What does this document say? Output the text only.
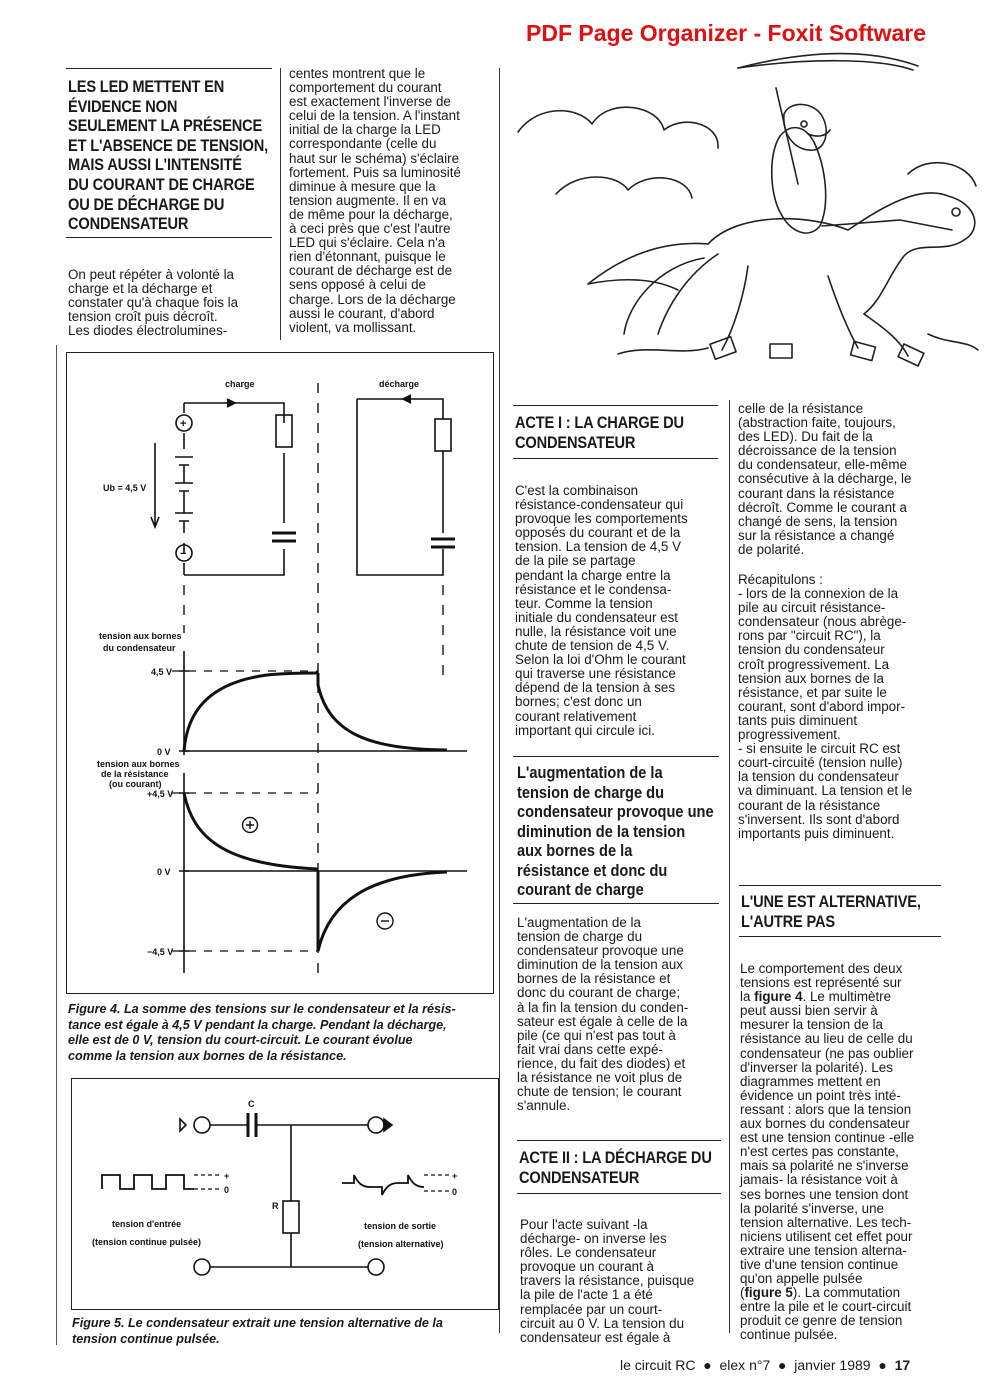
PDF Page Organizer - Foxit Software
LES LED METTENT EN
ÉVIDENCE NON
SEULEMENT LA PRÉSENCE
ET L'ABSENCE DE TENSION,
MAIS AUSSI L'INTENSITÉ
DU COURANT DE CHARGE
OU DE DÉCHARGE DU
CONDENSATEUR
On peut répéter à volonté la
charge et la décharge et
constater qu'à chaque fois la
tension croît puis décroît.
Les diodes électrolumines-
centes montrent que le
comportement du courant
est exactement l'inverse de
celui de la tension. A l'instant
initial de la charge la LED
correspondante (celle du
haut sur le schéma) s'éclaire
fortement. Puis sa luminosité
diminue à mesure que la
tension augmente. Il en va
de même pour la décharge,
à ceci près que c'est l'autre
LED qui s'éclaire. Cela n'a
rien d'étonnant, puisque le
courant de décharge est de
sens opposé à celui de
charge. Lors de la décharge
aussi le courant, d'abord
violent, va mollissant.
charge	décharge
Ub = 4,5 V
+
−
tension aux bornes
du condensateur
4,5 V
0 V
tension aux bornes
de la résistance
(ou courant)
+4,5 V
0 V
−4,5 V
Figure 4. La somme des tensions sur le condensateur et la résis-
tance est égale à 4,5 V pendant la charge. Pendant la décharge,
elle est de 0 V, tension du court-circuit. Le courant évolue
comme la tension aux bornes de la résistance.
C
R
+
0
+
0
tension d'entrée
(tension continue pulsée)
tension de sortie
(tension alternative)
Figure 5. Le condensateur extrait une tension alternative de la
tension continue pulsée.
ACTE I : LA CHARGE DU
CONDENSATEUR
C'est la combinaison
résistance-condensateur qui
provoque les comportements
opposés du courant et de la
tension. La tension de 4,5 V
de la pile se partage
pendant la charge entre la
résistance et le condensa-
teur. Comme la tension
initiale du condensateur est
nulle, la résistance voit une
chute de tension de 4,5 V.
Selon la loi d'Ohm le courant
qui traverse une résistance
dépend de la tension à ses
bornes; c'est donc un
courant relativement
important qui circule ici.
L'augmentation de la
tension de charge du
condensateur provoque une
diminution de la tension
aux bornes de la
résistance et donc du
courant de charge
L'augmentation de la
tension de charge du
condensateur provoque une
diminution de la tension aux
bornes de la résistance et
donc du courant de charge;
à la fin la tension du conden-
sateur est égale à celle de la
pile (ce qui n'est pas tout à
fait vrai dans cette expé-
rience, du fait des diodes) et
la résistance ne voit plus de
chute de tension; le courant
s'annule.
ACTE II : LA DÉCHARGE DU
CONDENSATEUR
Pour l'acte suivant -la
décharge- on inverse les
rôles. Le condensateur
provoque un courant à
travers la résistance, puisque
la pile de l'acte 1 a été
remplacée par un court-
circuit au 0 V. La tension du
condensateur est égale à
celle de la résistance
(abstraction faite, toujours,
des LED). Du fait de la
décroissance de la tension
du condensateur, elle-même
consécutive à la décharge, le
courant dans la résistance
décroît. Comme le courant a
changé de sens, la tension
sur la résistance a changé
de polarité.
Récapitulons :
- lors de la connexion de la
pile au circuit résistance-
condensateur (nous abrège-
rons par "circuit RC"), la
tension du condensateur
croît progressivement. La
tension aux bornes de la
résistance, et par suite le
courant, sont d'abord impor-
tants puis diminuent
progressivement.
- si ensuite le circuit RC est
court-circuité (tension nulle)
la tension du condensateur
va diminuant. La tension et le
courant de la résistance
s'inversent. Ils sont d'abord
importants puis diminuent.
L'UNE EST ALTERNATIVE,
L'AUTRE PAS
Le comportement des deux
tensions est représenté sur
la figure 4. Le multimètre
peut aussi bien servir à
mesurer la tension de la
résistance au lieu de celle du
condensateur (ne pas oublier
d'inverser la polarité). Les
diagrammes mettent en
évidence un point très inté-
ressant : alors que la tension
aux bornes du condensateur
est une tension continue -elle
n'est certes pas constante,
mais sa polarité ne s'inverse
jamais- la résistance voit à
ses bornes une tension dont
la polarité s'inverse, une
tension alternative. Les tech-
niciens utilisent cet effet pour
extraire une tension alterna-
tive d'une tension continue
qu'on appelle pulsée
(figure 5). La commutation
entre la pile et le court-circuit
produit ce genre de tension
continue pulsée.
le circuit RC  ●  elex n°7  ●  janvier 1989  ●  17
